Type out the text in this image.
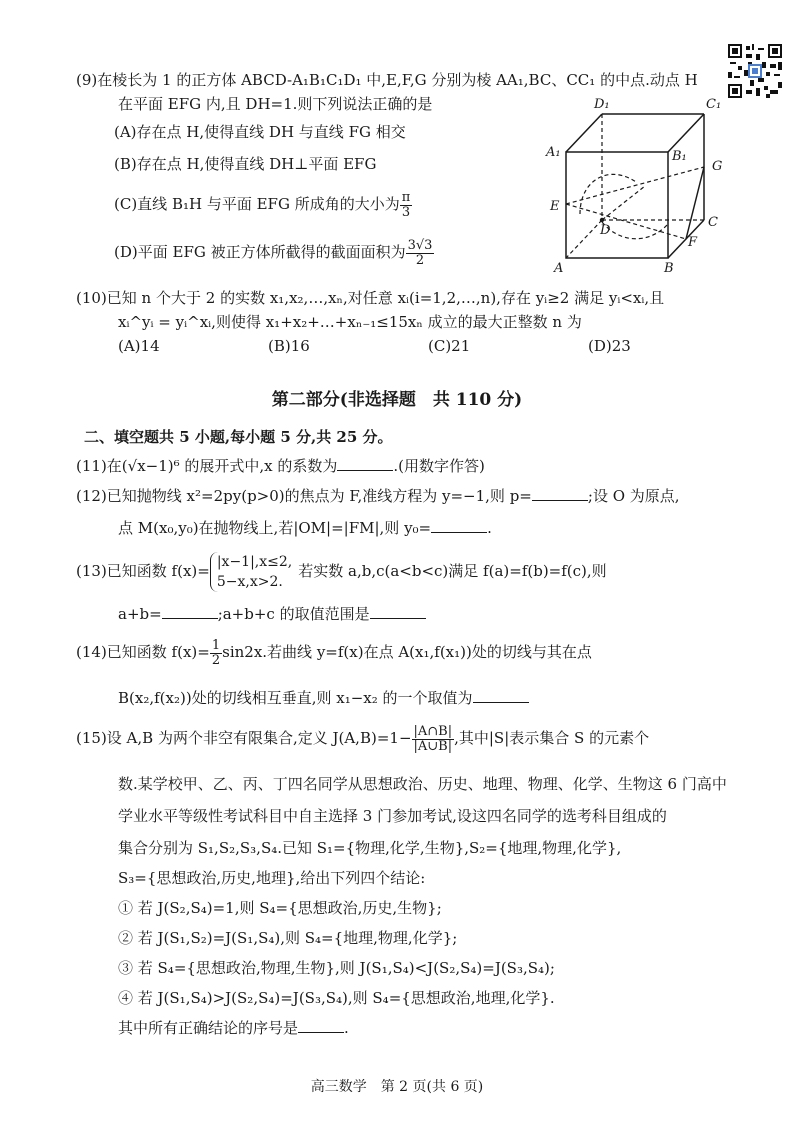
(9)在棱长为 1 的正方体 ABCD-A₁B₁C₁D₁ 中,E,F,G 分别为棱 AA₁,BC、CC₁ 的中点.动点 H
在平面 EFG 内,且 DH=1.则下列说法正确的是
(A)存在点 H,使得直线 DH 与直线 FG 相交
(B)存在点 H,使得直线 DH⊥平面 EFG
(C)直线 B₁H 与平面 EFG 所成角的大小为 $\frac{\pi}{3}$
(D)平面 EFG 被正方体所截得的截面面积为 $\frac{3√3}{2}$
D₁	C₁
A₁	B₁
G
E
D
C
F
A	B
(10)已知 n 个大于 2 的实数 x₁,x₂,…,xₙ,对任意 xᵢ(i=1,2,…,n),存在 yᵢ≥2 满足 yᵢ<xᵢ,且
xᵢ^yᵢ = yᵢ^xᵢ,则使得 x₁+x₂+…+xₙ₋₁≤15xₙ 成立的最大正整数 n 为
(A)14	(B)16	(C)21	(D)23
第二部分(非选择题　共 110 分)
二、填空题共 5 小题,每小题 5 分,共 25 分。
(11)在(√x−1)⁶ 的展开式中,x 的系数为	.(用数字作答)
(12)已知抛物线 x²=2py(p>0)的焦点为 F,准线方程为 y=−1,则 p=	;设 O 为原点,
点 M(x₀,y₀)在抛物线上,若|OM|=|FM|,则 y₀=	.
(13)已知函数 f(x)= |x−1|,x≤2,
5−x,x>2.
若实数 a,b,c(a<b<c)满足 f(a)=f(b)=f(c),则
a+b=	;a+b+c 的取值范围是
(14)已知函数 $f(x)= \frac{1}{2} \sin 2x$.若曲线 y=f(x)在点 A(x₁,f(x₁))处的切线与其在点
B(x₂,f(x₂))处的切线相互垂直,则 x₁−x₂ 的一个取值为
(15)设 A,B 为两个非空有限集合,定义 $J(A,B)=1- \frac{|A\cap B|}{|A\cup B|}$ ,其中|S|表示集合 S 的元素个
数.某学校甲、乙、丙、丁四名同学从思想政治、历史、地理、物理、化学、生物这 6 门高中
学业水平等级性考试科目中自主选择 3 门参加考试,设这四名同学的选考科目组成的
集合分别为 S₁,S₂,S₃,S₄.已知 S₁={物理,化学,生物},S₂={地理,物理,化学},
S₃={思想政治,历史,地理},给出下列四个结论:
① 若 J(S₂,S₄)=1,则 S₄={思想政治,历史,生物};
② 若 J(S₁,S₂)=J(S₁,S₄),则 S₄={地理,物理,化学};
③ 若 S₄={思想政治,物理,生物},则 J(S₁,S₄)<J(S₂,S₄)=J(S₃,S₄);
④ 若 J(S₁,S₄)>J(S₂,S₄)=J(S₃,S₄),则 S₄={思想政治,地理,化学}.
其中所有正确结论的序号是	.
高三数学　第 2 页(共 6 页)
